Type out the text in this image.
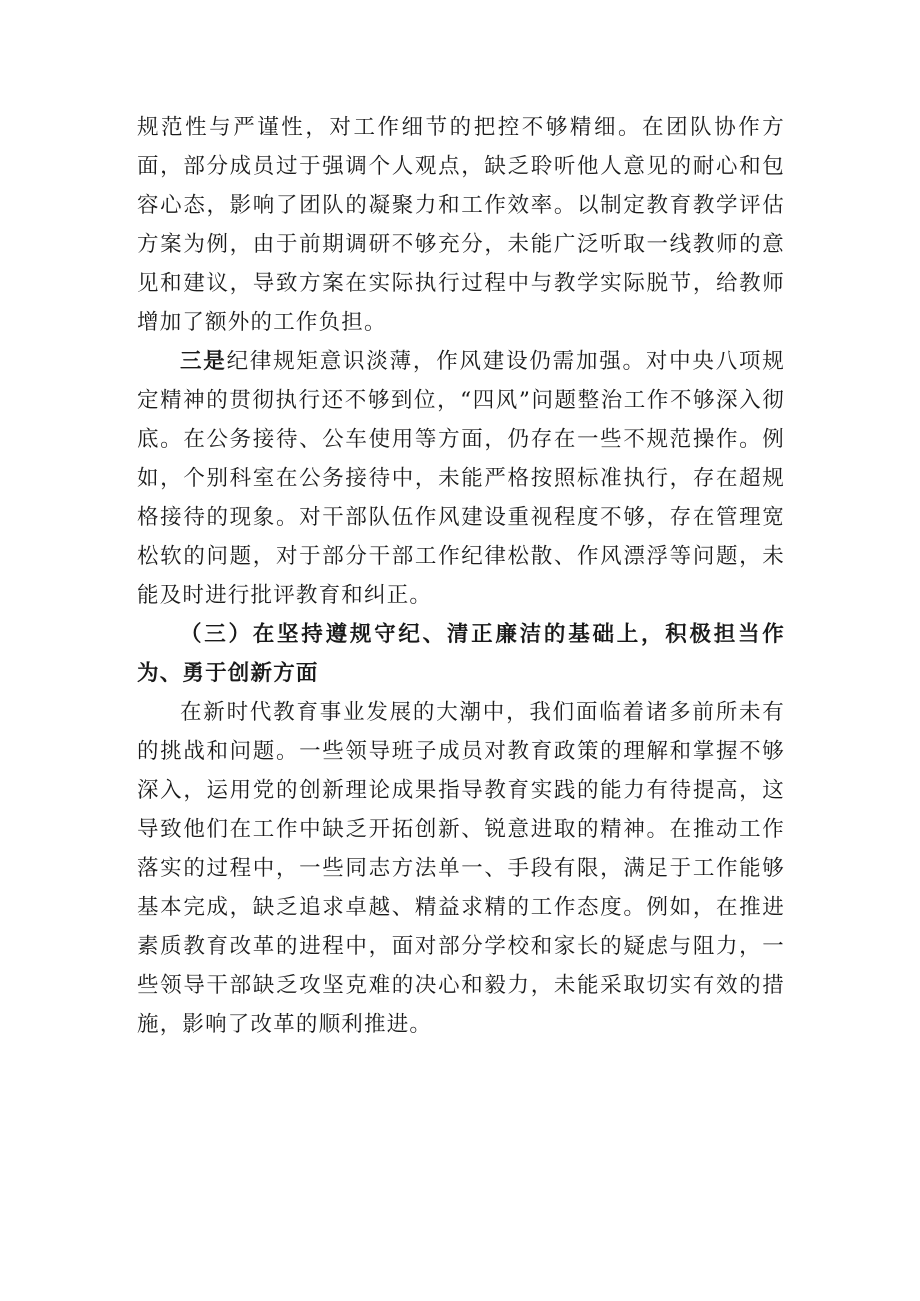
规范性与严谨性，对工作细节的把控不够精细。在团队协作方面，部分成员过于强调个人观点，缺乏聆听他人意见的耐心和包容心态，影响了团队的凝聚力和工作效率。以制定教育教学评估方案为例，由于前期调研不够充分，未能广泛听取一线教师的意见和建议，导致方案在实际执行过程中与教学实际脱节，给教师增加了额外的工作负担。

三是纪律规矩意识淡薄，作风建设仍需加强。对中央八项规定精神的贯彻执行还不够到位，“四风”问题整治工作不够深入彻底。在公务接待、公车使用等方面，仍存在一些不规范操作。例如，个别科室在公务接待中，未能严格按照标准执行，存在超规格接待的现象。对干部队伍作风建设重视程度不够，存在管理宽松软的问题，对于部分干部工作纪律松散、作风漂浮等问题，未能及时进行批评教育和纠正。

（三）在坚持遵规守纪、清正廉洁的基础上，积极担当作为、勇于创新方面

在新时代教育事业发展的大潮中，我们面临着诸多前所未有的挑战和问题。一些领导班子成员对教育政策的理解和掌握不够深入，运用党的创新理论成果指导教育实践的能力有待提高，这导致他们在工作中缺乏开拓创新、锐意进取的精神。在推动工作落实的过程中，一些同志方法单一、手段有限，满足于工作能够基本完成，缺乏追求卓越、精益求精的工作态度。例如，在推进素质教育改革的进程中，面对部分学校和家长的疑虑与阻力，一些领导干部缺乏攻坚克难的决心和毅力，未能采取切实有效的措施，影响了改革的顺利推进。
